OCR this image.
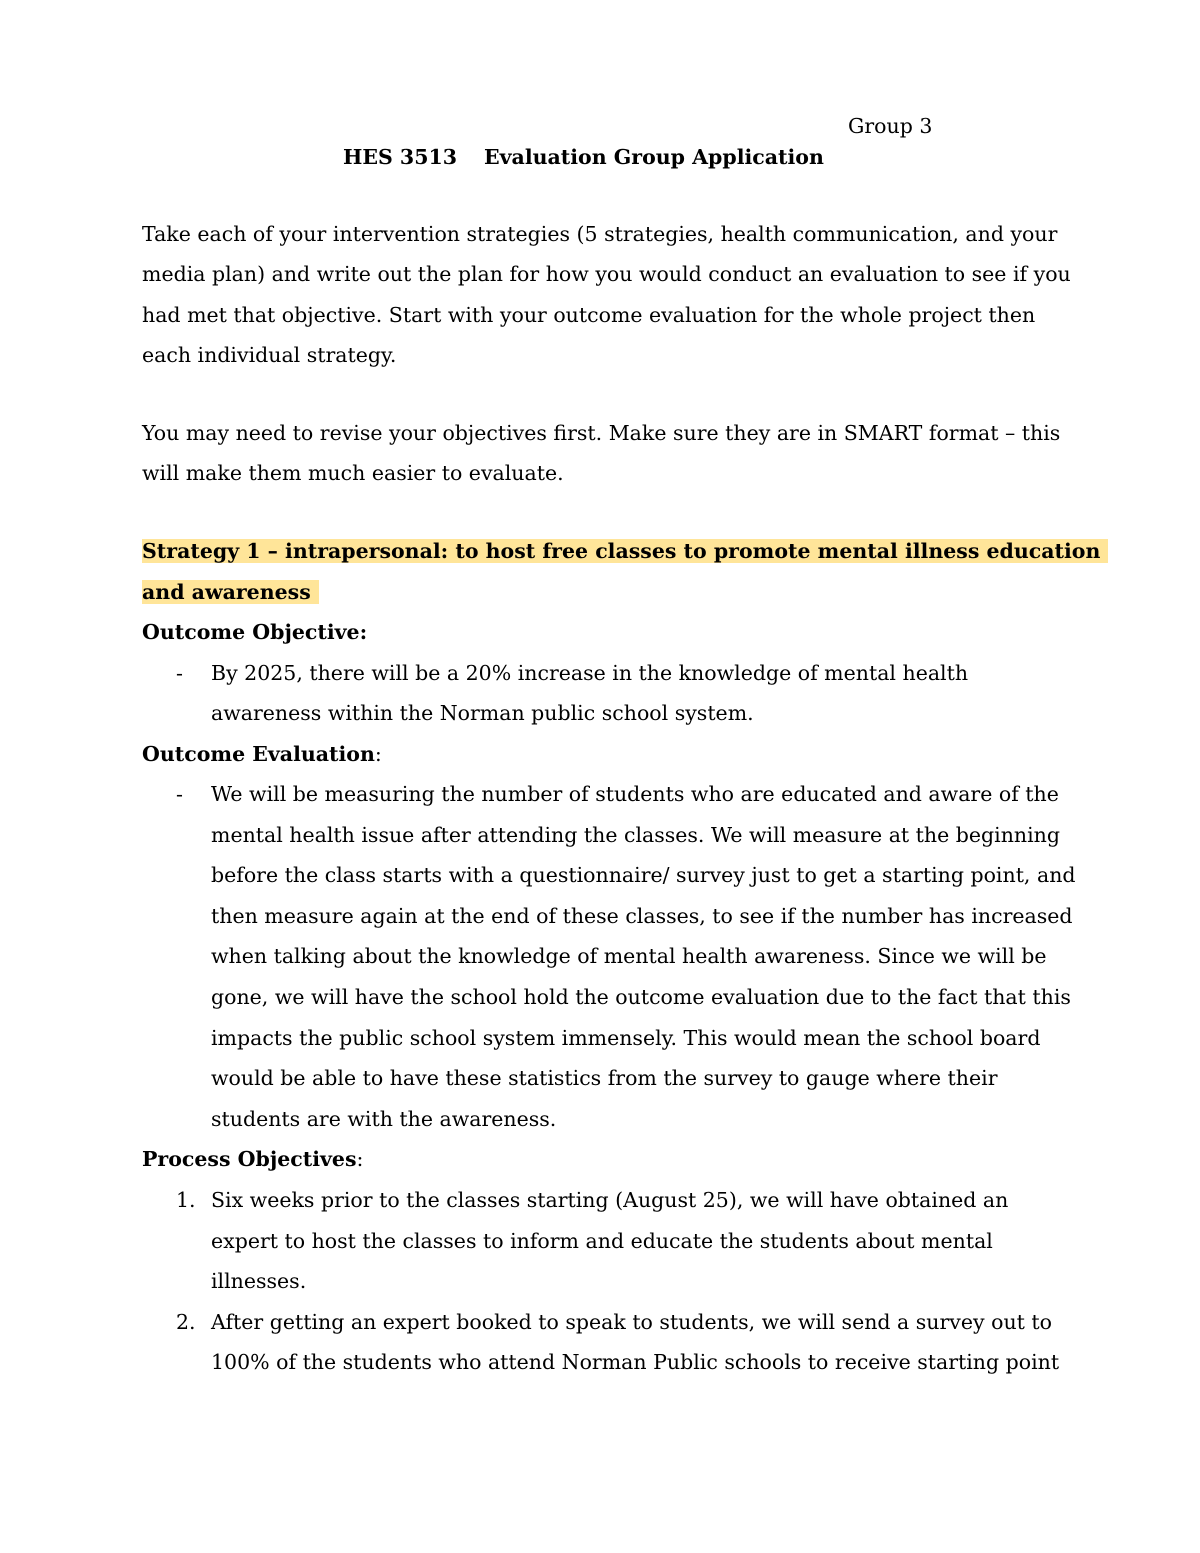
Group 3
HES 3513 Evaluation Group Application
Take each of your intervention strategies (5 strategies, health communication, and your
media plan) and write out the plan for how you would conduct an evaluation to see if you
had met that objective. Start with your outcome evaluation for the whole project then
each individual strategy.
You may need to revise your objectives first. Make sure they are in SMART format – this
will make them much easier to evaluate.
Strategy 1 – intrapersonal: to host free classes to promote mental illness education
and awareness
Outcome Objective:
- By 2025, there will be a 20% increase in the knowledge of mental health
awareness within the Norman public school system.
Outcome Evaluation:
- We will be measuring the number of students who are educated and aware of the
mental health issue after attending the classes. We will measure at the beginning
before the class starts with a questionnaire/ survey just to get a starting point, and
then measure again at the end of these classes, to see if the number has increased
when talking about the knowledge of mental health awareness. Since we will be
gone, we will have the school hold the outcome evaluation due to the fact that this
impacts the public school system immensely. This would mean the school board
would be able to have these statistics from the survey to gauge where their
students are with the awareness.
Process Objectives:
1. Six weeks prior to the classes starting (August 25), we will have obtained an
expert to host the classes to inform and educate the students about mental
illnesses.
2. After getting an expert booked to speak to students, we will send a survey out to
100% of the students who attend Norman Public schools to receive starting point
